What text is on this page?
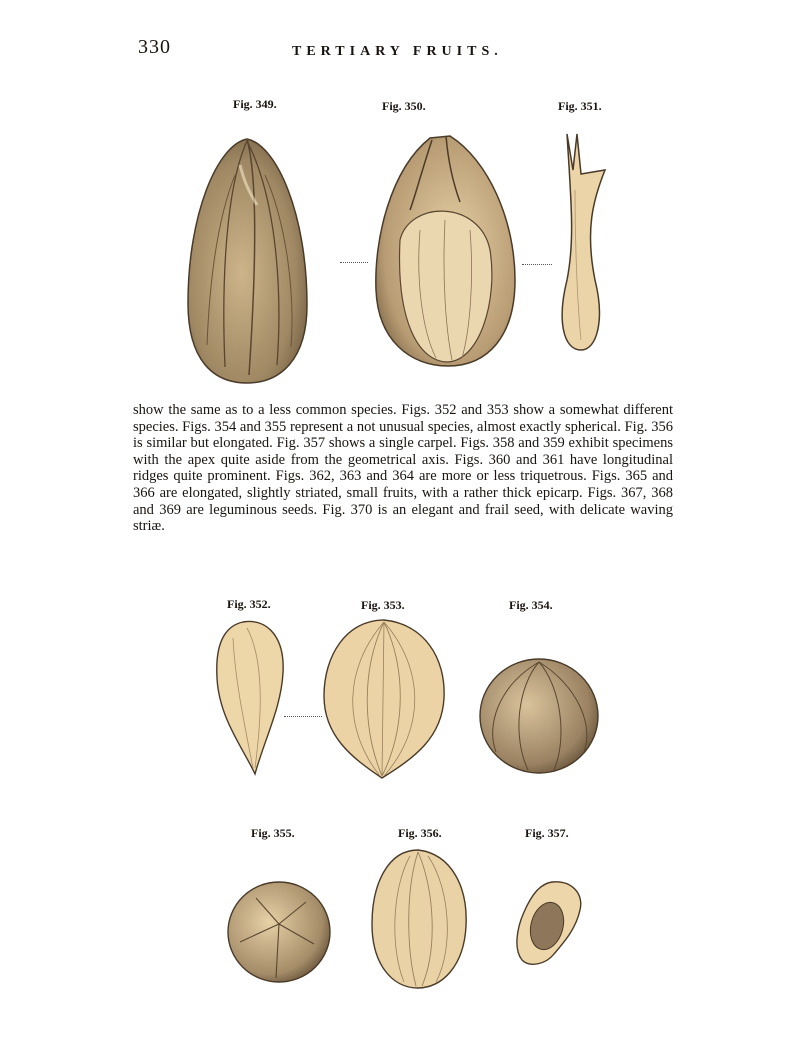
330	TERTIARY FRUITS.
Fig. 349.	Fig. 350.	Fig. 351.

show the same as to a less common species. Figs. 352 and 353 show a somewhat different species. Figs. 354 and 355 represent a not unusual species, almost exactly spherical. Fig. 356 is similar but elongated. Fig. 357 shows a single carpel. Figs. 358 and 359 exhibit specimens with the apex quite aside from the geometrical axis. Figs. 360 and 361 have longitudinal ridges quite prominent. Figs. 362, 363 and 364 are more or less triquetrous. Figs. 365 and 366 are elongated, slightly striated, small fruits, with a rather thick epicarp. Figs. 367, 368 and 369 are leguminous seeds. Fig. 370 is an elegant and frail seed, with delicate waving striæ.

Fig. 352.	Fig. 353.	Fig. 354.
Fig. 355.	Fig. 356.	Fig. 357.
